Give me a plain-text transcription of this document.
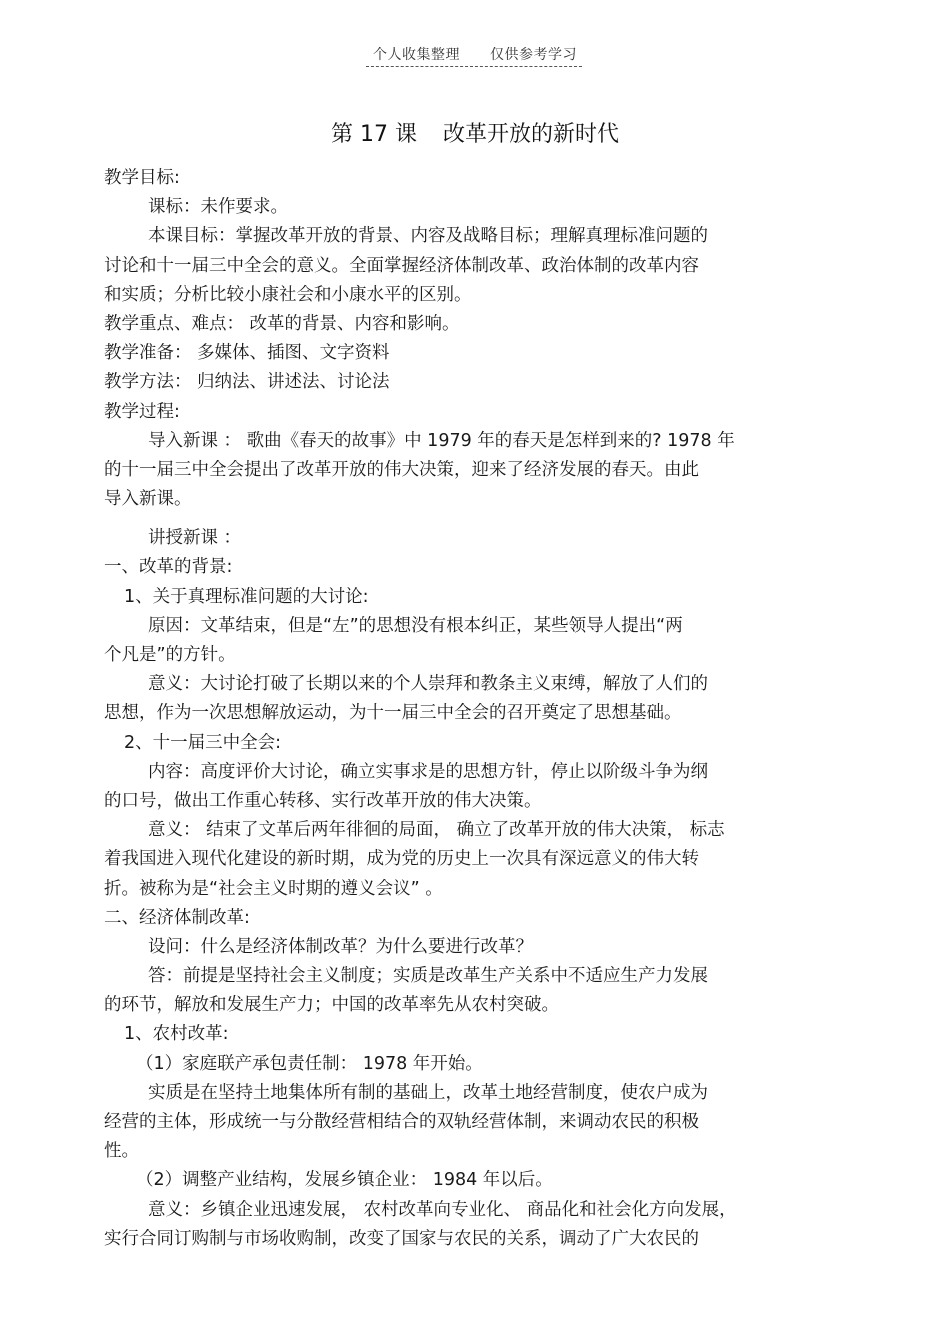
个人收集整理 仅供参考学习
第 17 课 改革开放的新时代
教学目标:
课标：未作要求。
本课目标：掌握改革开放的背景、内容及战略目标；理解真理标准问题的
讨论和十一届三中全会的意义。全面掌握经济体制改革、政治体制的改革内容
和实质；分析比较小康社会和小康水平的区别。
教学重点、难点： 改革的背景、内容和影响。
教学准备： 多媒体、插图、文字资料
教学方法： 归纳法、讲述法、讨论法
教学过程:
导入新课 ： 歌曲《春天的故事》中 1979 年的春天是怎样到来的? 1978 年
的十一届三中全会提出了改革开放的伟大决策，迎来了经济发展的春天。由此
导入新课。
讲授新课 ：
一、改革的背景:
1、关于真理标准问题的大讨论:
原因：文革结束，但是“左”的思想没有根本纠正，某些领导人提出“两
个凡是”的方针。
意义：大讨论打破了长期以来的个人崇拜和教条主义束缚，解放了人们的
思想，作为一次思想解放运动，为十一届三中全会的召开奠定了思想基础。
2、十一届三中全会:
内容：高度评价大讨论，确立实事求是的思想方针，停止以阶级斗争为纲
的口号，做出工作重心转移、实行改革开放的伟大决策。
意义： 结束了文革后两年徘徊的局面， 确立了改革开放的伟大决策， 标志
着我国进入现代化建设的新时期，成为党的历史上一次具有深远意义的伟大转
折。被称为是“社会主义时期的遵义会议” 。
二、经济体制改革:
设问：什么是经济体制改革？为什么要进行改革？
答：前提是坚持社会主义制度；实质是改革生产关系中不适应生产力发展
的环节，解放和发展生产力；中国的改革率先从农村突破。
1、农村改革:
（1）家庭联产承包责任制： 1978 年开始。
实质是在坚持土地集体所有制的基础上，改革土地经营制度，使农户成为
经营的主体，形成统一与分散经营相结合的双轨经营体制，来调动农民的积极
性。
（2）调整产业结构，发展乡镇企业： 1984 年以后。
意义：乡镇企业迅速发展， 农村改革向专业化、 商品化和社会化方向发展，
实行合同订购制与市场收购制，改变了国家与农民的关系，调动了广大农民的
